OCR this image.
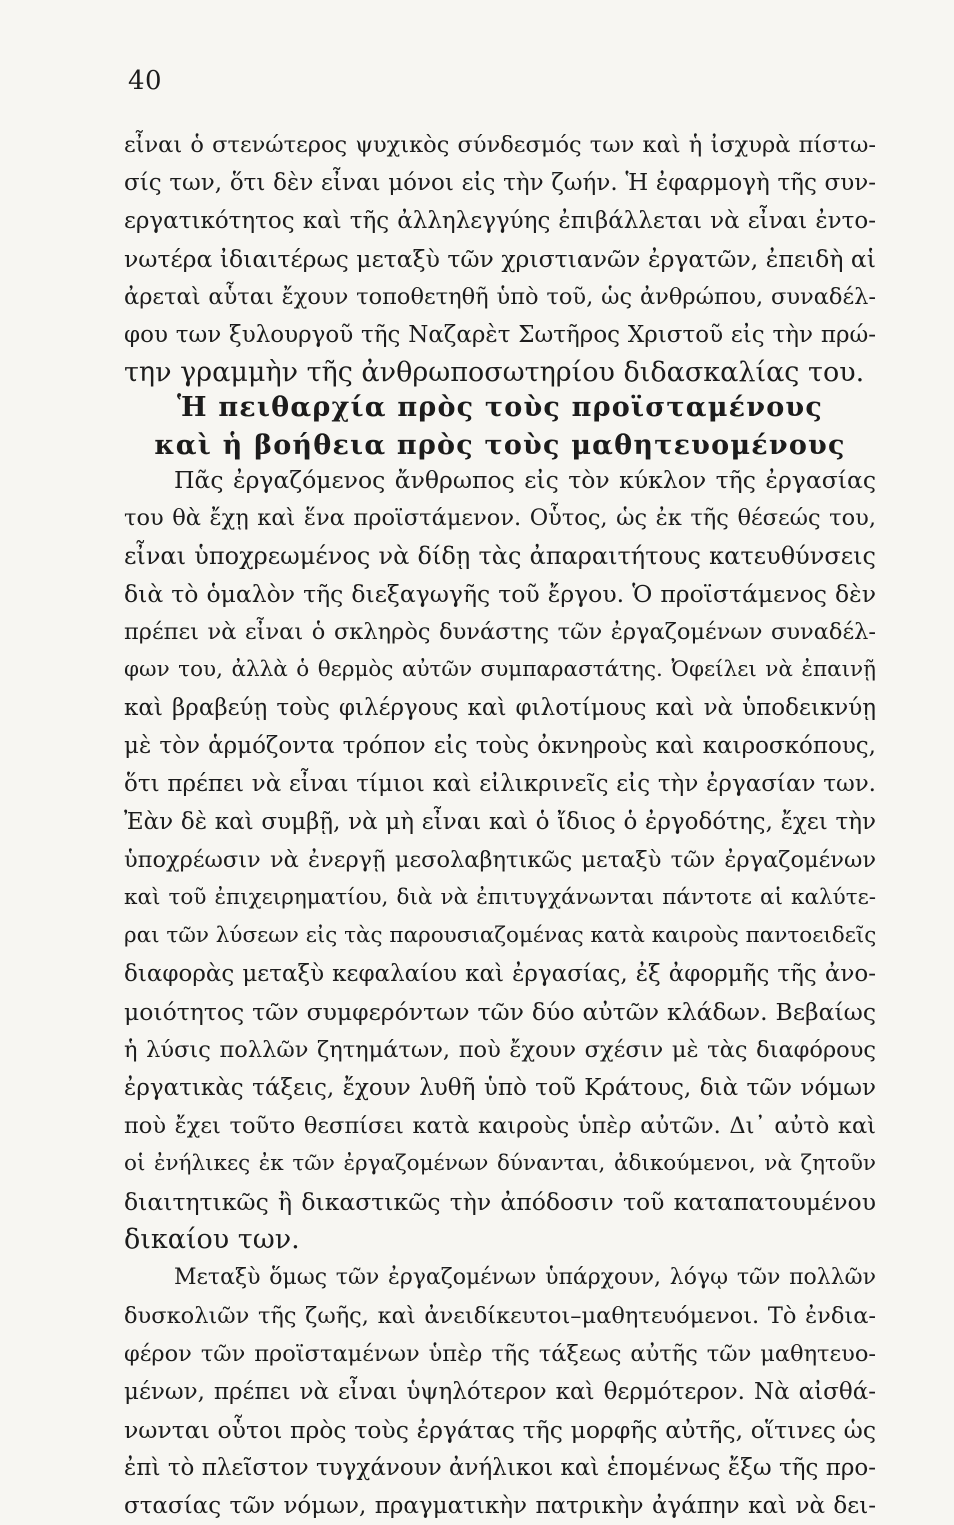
40
εἶναι ὁ στενώτερος ψυχικὸς σύνδεσμός των καὶ ἡ ἰσχυρὰ πίστω-
σίς των, ὅτι δὲν εἶναι μόνοι εἰς τὴν ζωήν. Ἡ ἐφαρμογὴ τῆς συν-
εργατικότητος καὶ τῆς ἀλληλεγγύης ἐπιβάλλεται νὰ εἶναι ἐντο-
νωτέρα ἰδιαιτέρως μεταξὺ τῶν χριστιανῶν ἐργατῶν, ἐπειδὴ αἱ
ἀρεταὶ αὗται ἔχουν τοποθετηθῆ ὑπὸ τοῦ, ὡς ἀνθρώπου, συναδέλ-
φου των ξυλουργοῦ τῆς Ναζαρὲτ Σωτῆρος Χριστοῦ εἰς τὴν πρώ-
την γραμμὴν τῆς ἀνθρωποσωτηρίου διδασκαλίας του.
Ἡ πειθαρχία πρὸς τοὺς προϊσταμένους
καὶ ἡ βοήθεια πρὸς τοὺς μαθητευομένους
Πᾶς ἐργαζόμενος ἄνθρωπος εἰς τὸν κύκλον τῆς ἐργασίας
του θὰ ἔχῃ καὶ ἕνα προϊστάμενον. Οὗτος, ὡς ἐκ τῆς θέσεώς του,
εἶναι ὑποχρεωμένος νὰ δίδῃ τὰς ἀπαραιτήτους κατευθύνσεις
διὰ τὸ ὁμαλὸν τῆς διεξαγωγῆς τοῦ ἔργου. Ὁ προϊστάμενος δὲν
πρέπει νὰ εἶναι ὁ σκληρὸς δυνάστης τῶν ἐργαζομένων συναδέλ-
φων του, ἀλλὰ ὁ θερμὸς αὐτῶν συμπαραστάτης. Ὀφείλει νὰ ἐπαινῇ
καὶ βραβεύῃ τοὺς φιλέργους καὶ φιλοτίμους καὶ νὰ ὑποδεικνύῃ
μὲ τὸν ἁρμόζοντα τρόπον εἰς τοὺς ὀκνηροὺς καὶ καιροσκόπους,
ὅτι πρέπει νὰ εἶναι τίμιοι καὶ εἰλικρινεῖς εἰς τὴν ἐργασίαν των.
Ἐὰν δὲ καὶ συμβῇ, νὰ μὴ εἶναι καὶ ὁ ἴδιος ὁ ἐργοδότης, ἔχει τὴν
ὑποχρέωσιν νὰ ἐνεργῇ μεσολαβητικῶς μεταξὺ τῶν ἐργαζομένων
καὶ τοῦ ἐπιχειρηματίου, διὰ νὰ ἐπιτυγχάνωνται πάντοτε αἱ καλύτε-
ραι τῶν λύσεων εἰς τὰς παρουσιαζομένας κατὰ καιροὺς παντοειδεῖς
διαφορὰς μεταξὺ κεφαλαίου καὶ ἐργασίας, ἐξ ἀφορμῆς τῆς ἀνο-
μοιότητος τῶν συμφερόντων τῶν δύο αὐτῶν κλάδων. Βεβαίως
ἡ λύσις πολλῶν ζητημάτων, ποὺ ἔχουν σχέσιν μὲ τὰς διαφόρους
ἐργατικὰς τάξεις, ἔχουν λυθῆ ὑπὸ τοῦ Κράτους, διὰ τῶν νόμων
ποὺ ἔχει τοῦτο θεσπίσει κατὰ καιροὺς ὑπὲρ αὐτῶν. Δι᾿ αὐτὸ καὶ
οἱ ἐνήλικες ἐκ τῶν ἐργαζομένων δύνανται, ἀδικούμενοι, νὰ ζητοῦν
διαιτητικῶς ἢ δικαστικῶς τὴν ἀπόδοσιν τοῦ καταπατουμένου
δικαίου των.
Μεταξὺ ὅμως τῶν ἐργαζομένων ὑπάρχουν, λόγῳ τῶν πολλῶν
δυσκολιῶν τῆς ζωῆς, καὶ ἀνειδίκευτοι–μαθητευόμενοι. Τὸ ἐνδια-
φέρον τῶν προϊσταμένων ὑπὲρ τῆς τάξεως αὐτῆς τῶν μαθητευο-
μένων, πρέπει νὰ εἶναι ὑψηλότερον καὶ θερμότερον. Νὰ αἰσθά-
νωνται οὗτοι πρὸς τοὺς ἐργάτας τῆς μορφῆς αὐτῆς, οἵτινες ὡς
ἐπὶ τὸ πλεῖστον τυγχάνουν ἀνήλικοι καὶ ἑπομένως ἔξω τῆς προ-
στασίας τῶν νόμων, πραγματικὴν πατρικὴν ἀγάπην καὶ νὰ δει-
